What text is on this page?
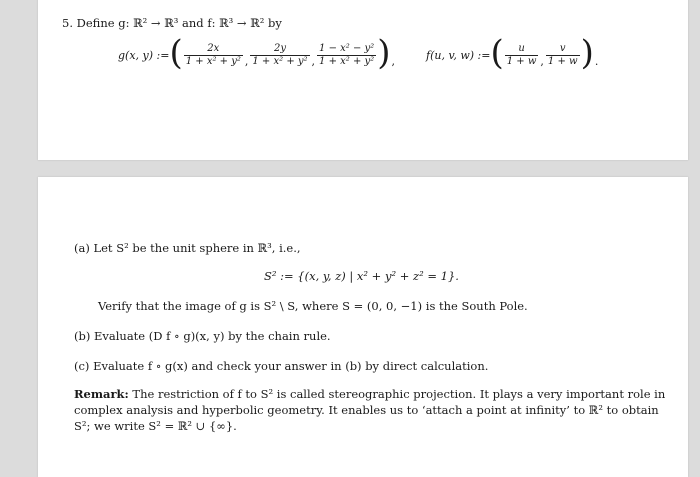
5. Define g: ℝ² → ℝ³ and f: ℝ³ → ℝ² by
g(x, y) := ( $\frac{2x}{\text{1 + x² + y²}}$ , $\frac{2y}{\text{1 + x² + y²}}$ , $\frac{\text{1 − x² − y²}}{\text{1 + x² + y²}}$ ) ,	f(u, v, w) := ( $\frac{u}{1 + w}$ , $\frac{v}{1 + w}$ ) .
(a) Let S² be the unit sphere in ℝ³, i.e.,
S² := {(x, y, z) | x² + y² + z² = 1}.
Verify that the image of g is S² \ S, where S = (0, 0, −1) is the South Pole.
(b) Evaluate (D f ∘ g)(x, y) by the chain rule.
(c) Evaluate f ∘ g(x) and check your answer in (b) by direct calculation.
Remark: The restriction of f to S² is called stereographic projection. It plays a very important role in
complex analysis and hyperbolic geometry. It enables us to ‘attach a point at infinity’ to ℝ² to obtain
S²; we write S² = ℝ² ∪ {∞}.
